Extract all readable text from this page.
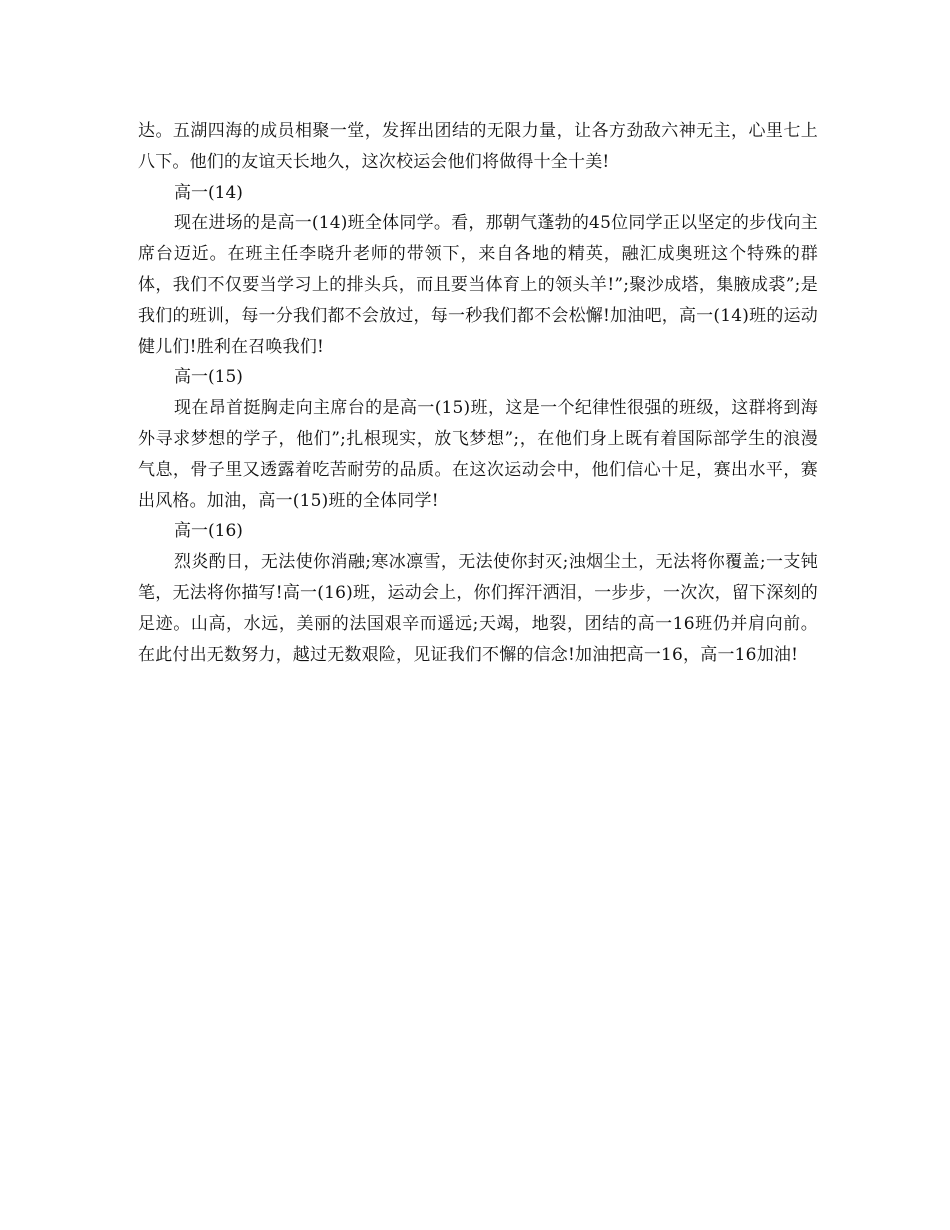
达。五湖四海的成员相聚一堂，发挥出团结的无限力量，让各方劲敌六神无主，心里七上八下。他们的友谊天长地久，这次校运会他们将做得十全十美!

高一(14)

现在进场的是高一(14)班全体同学。看，那朝气蓬勃的45位同学正以坚定的步伐向主席台迈近。在班主任李晓升老师的带领下，来自各地的精英，融汇成奥班这个特殊的群体，我们不仅要当学习上的排头兵，而且要当体育上的领头羊!”;聚沙成塔，集腋成裘”;是我们的班训，每一分我们都不会放过，每一秒我们都不会松懈!加油吧，高一(14)班的运动健儿们!胜利在召唤我们!

高一(15)

现在昂首挺胸走向主席台的是高一(15)班，这是一个纪律性很强的班级，这群将到海外寻求梦想的学子，他们”;扎根现实，放飞梦想”;，在他们身上既有着国际部学生的浪漫气息，骨子里又透露着吃苦耐劳的品质。在这次运动会中，他们信心十足，赛出水平，赛出风格。加油，高一(15)班的全体同学!

高一(16)

烈炎酌日，无法使你消融;寒冰凛雪，无法使你封灭;浊烟尘土，无法将你覆盖;一支钝笔，无法将你描写!高一(16)班，运动会上，你们挥汗洒泪，一步步，一次次，留下深刻的足迹。山高，水远，美丽的法国艰辛而遥远;天竭，地裂，团结的高一16班仍并肩向前。在此付出无数努力，越过无数艰险，见证我们不懈的信念!加油把高一16，高一16加油!
